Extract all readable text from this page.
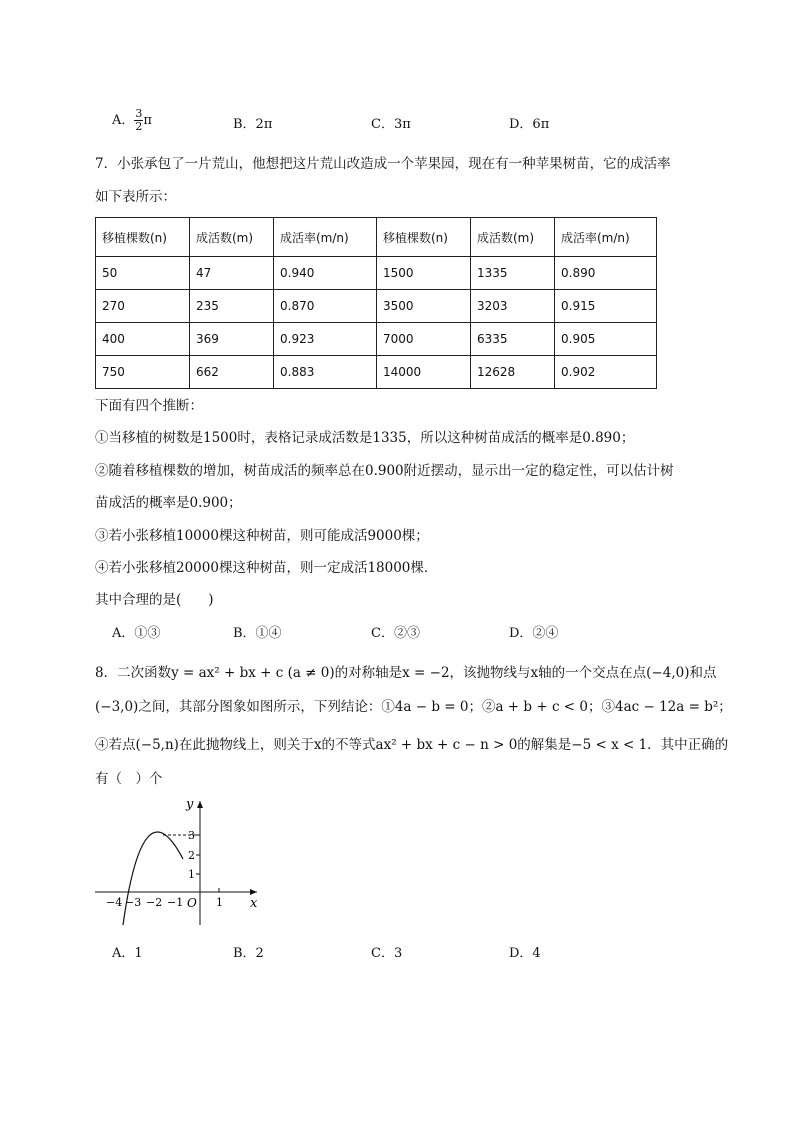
A． $\frac{3}{2}$ π	B．2π	C．3π	D．6π
7．小张承包了一片荒山，他想把这片荒山改造成一个苹果园，现在有一种苹果树苗，它的成活率
如下表所示：
移植棵数(n)	成活数(m)	成活率(m/n)	移植棵数(n)	成活数(m)	成活率(m/n)
50	47	0.940	1500	1335	0.890
270	235	0.870	3500	3203	0.915
400	369	0.923	7000	6335	0.905
750	662	0.883	14000	12628	0.902
下面有四个推断：
①当移植的树数是1500时，表格记录成活数是1335，所以这种树苗成活的概率是0.890；
②随着移植棵数的增加，树苗成活的频率总在0.900附近摆动，显示出一定的稳定性，可以估计树
苗成活的概率是0.900；
③若小张移植10000棵这种树苗，则可能成活9000棵；
④若小张移植20000棵这种树苗，则一定成活18000棵．
其中合理的是(　　)
A．①③	B．①④	C．②③	D．②④
8．二次函数y = ax² + bx + c (a ≠ 0)的对称轴是x = −2，该抛物线与x轴的一个交点在点(−4,0)和点
(−3,0)之间，其部分图象如图所示，下列结论：①4a − b = 0；②a + b + c < 0；③4ac − 12a = b²；
④若点(−5,n)在此抛物线上，则关于x的不等式ax² + bx + c − n > 0的解集是−5 < x < 1．其中正确的
有（　）个
y
x
O
−4 −3 −2 −1	1
1
2
3
A．1	B．2	C．3	D．4
